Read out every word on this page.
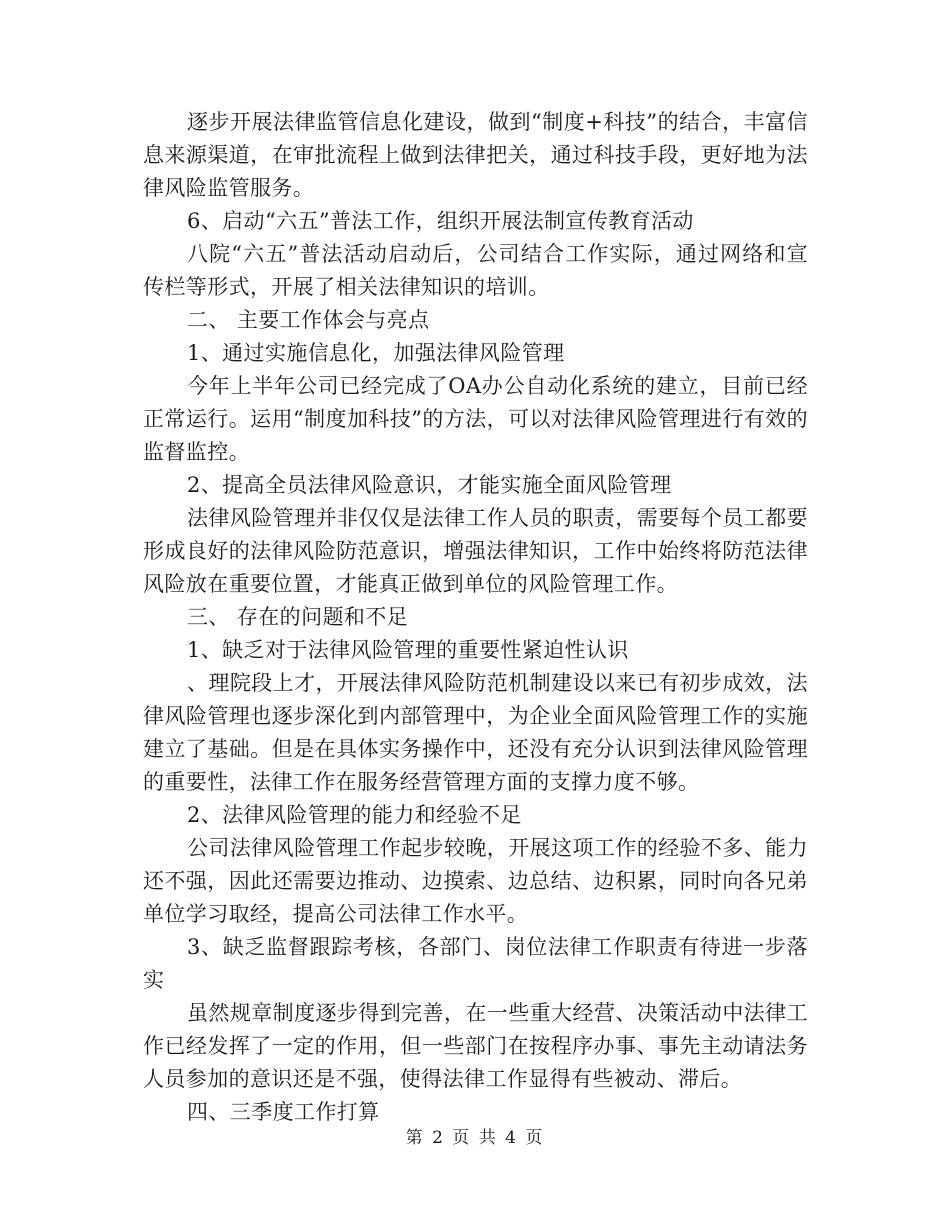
逐步开展法律监管信息化建设，做到“制度+科技”的结合，丰富信息来源渠道，在审批流程上做到法律把关，通过科技手段，更好地为法律风险监管服务。

6、启动“六五”普法工作，组织开展法制宣传教育活动

八院“六五”普法活动启动后，公司结合工作实际，通过网络和宣传栏等形式，开展了相关法律知识的培训。

二、 主要工作体会与亮点

1、通过实施信息化，加强法律风险管理

今年上半年公司已经完成了OA办公自动化系统的建立，目前已经正常运行。运用“制度加科技”的方法，可以对法律风险管理进行有效的监督监控。

2、提高全员法律风险意识，才能实施全面风险管理

法律风险管理并非仅仅是法律工作人员的职责，需要每个员工都要形成良好的法律风险防范意识，增强法律知识，工作中始终将防范法律风险放在重要位置，才能真正做到单位的风险管理工作。

三、 存在的问题和不足

1、缺乏对于法律风险管理的重要性紧迫性认识

、理院段上才，开展法律风险防范机制建设以来已有初步成效，法律风险管理也逐步深化到内部管理中，为企业全面风险管理工作的实施建立了基础。但是在具体实务操作中，还没有充分认识到法律风险管理的重要性，法律工作在服务经营管理方面的支撑力度不够。

2、法律风险管理的能力和经验不足

公司法律风险管理工作起步较晚，开展这项工作的经验不多、能力还不强，因此还需要边推动、边摸索、边总结、边积累，同时向各兄弟单位学习取经，提高公司法律工作水平。

3、缺乏监督跟踪考核，各部门、岗位法律工作职责有待进一步落实

虽然规章制度逐步得到完善，在一些重大经营、决策活动中法律工作已经发挥了一定的作用，但一些部门在按程序办事、事先主动请法务人员参加的意识还是不强，使得法律工作显得有些被动、滞后。

四、三季度工作打算

第 2 页 共 4 页
